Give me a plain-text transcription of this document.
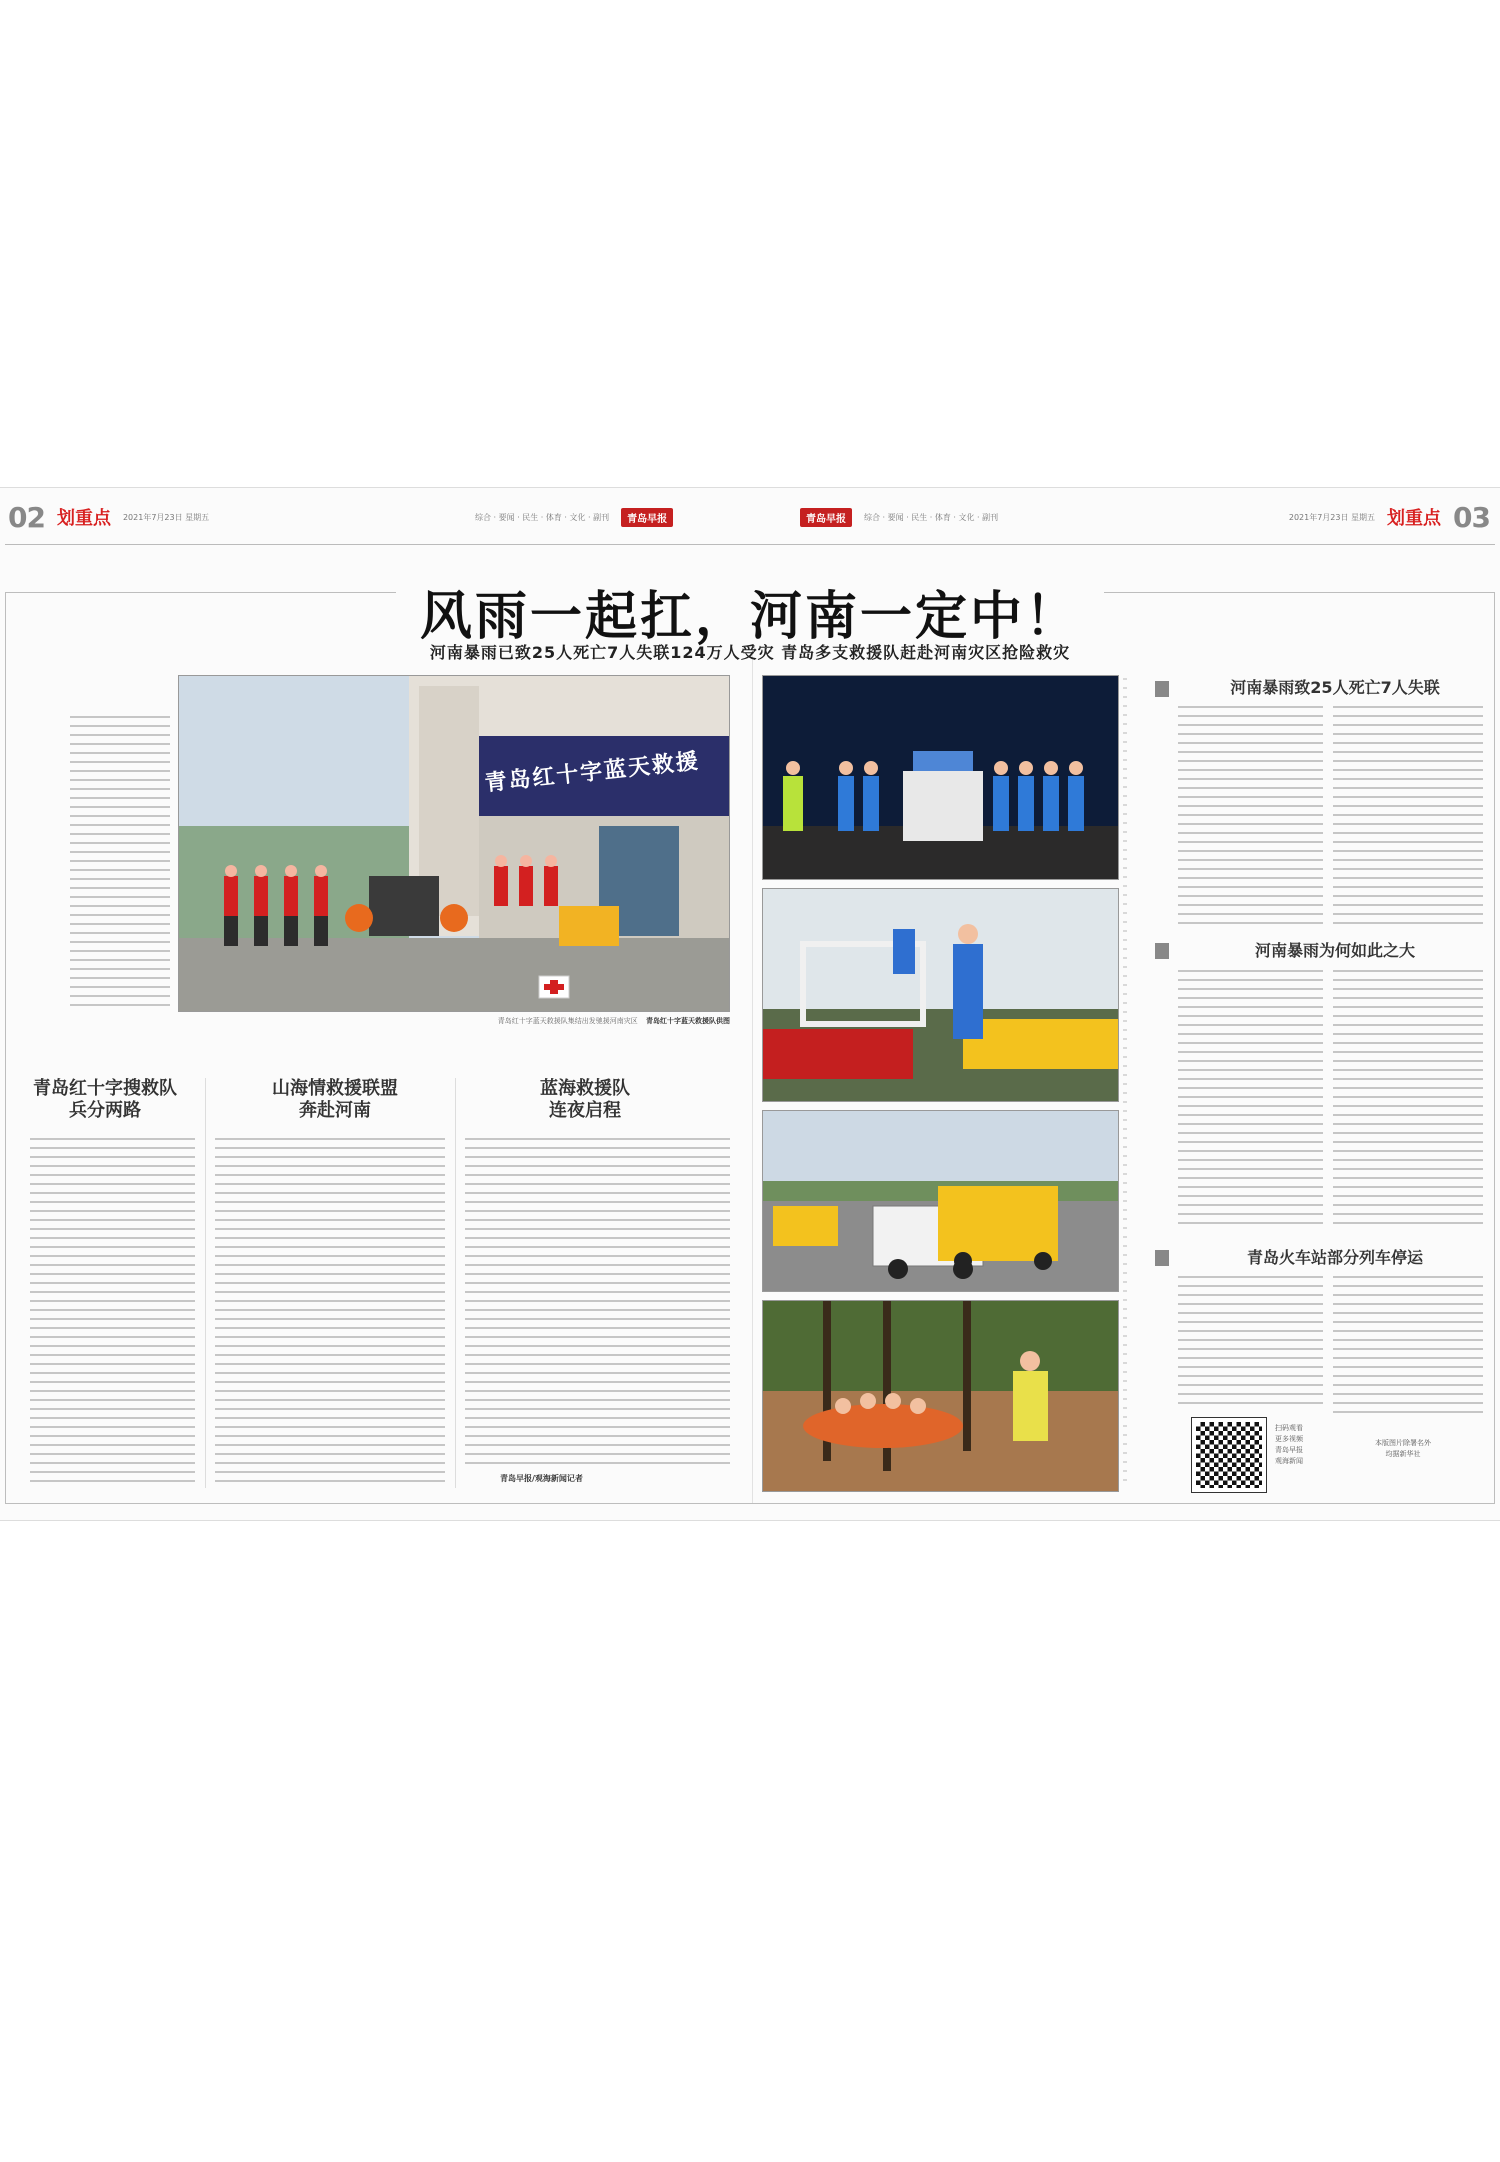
02 划重点 2021年7月23日 星期五	综合 · 要闻 · 民生 · 体育 · 文化 · 副刊	青岛早报	青岛早报	综合 · 要闻 · 民生 · 体育 · 文化 · 副刊	2021年7月23日 星期五 划重点 03
风雨一起扛，河南一定中！
河南暴雨已致25人死亡7人失联124万人受灾 青岛多支救援队赶赴河南灾区抢险救灾
青岛红十字蓝天救援
青岛红十字蓝天救援队集结出发驰援河南灾区 青岛红十字蓝天救援队供图
青岛红十字搜救队
兵分两路
山海情救援联盟
奔赴河南
蓝海救援队
连夜启程
青岛早报/观海新闻记者
河南暴雨致25人死亡7人失联
河南暴雨为何如此之大
青岛火车站部分列车停运
扫码观看
更多视频
青岛早报
观海新闻
本版图片除署名外
均据新华社
